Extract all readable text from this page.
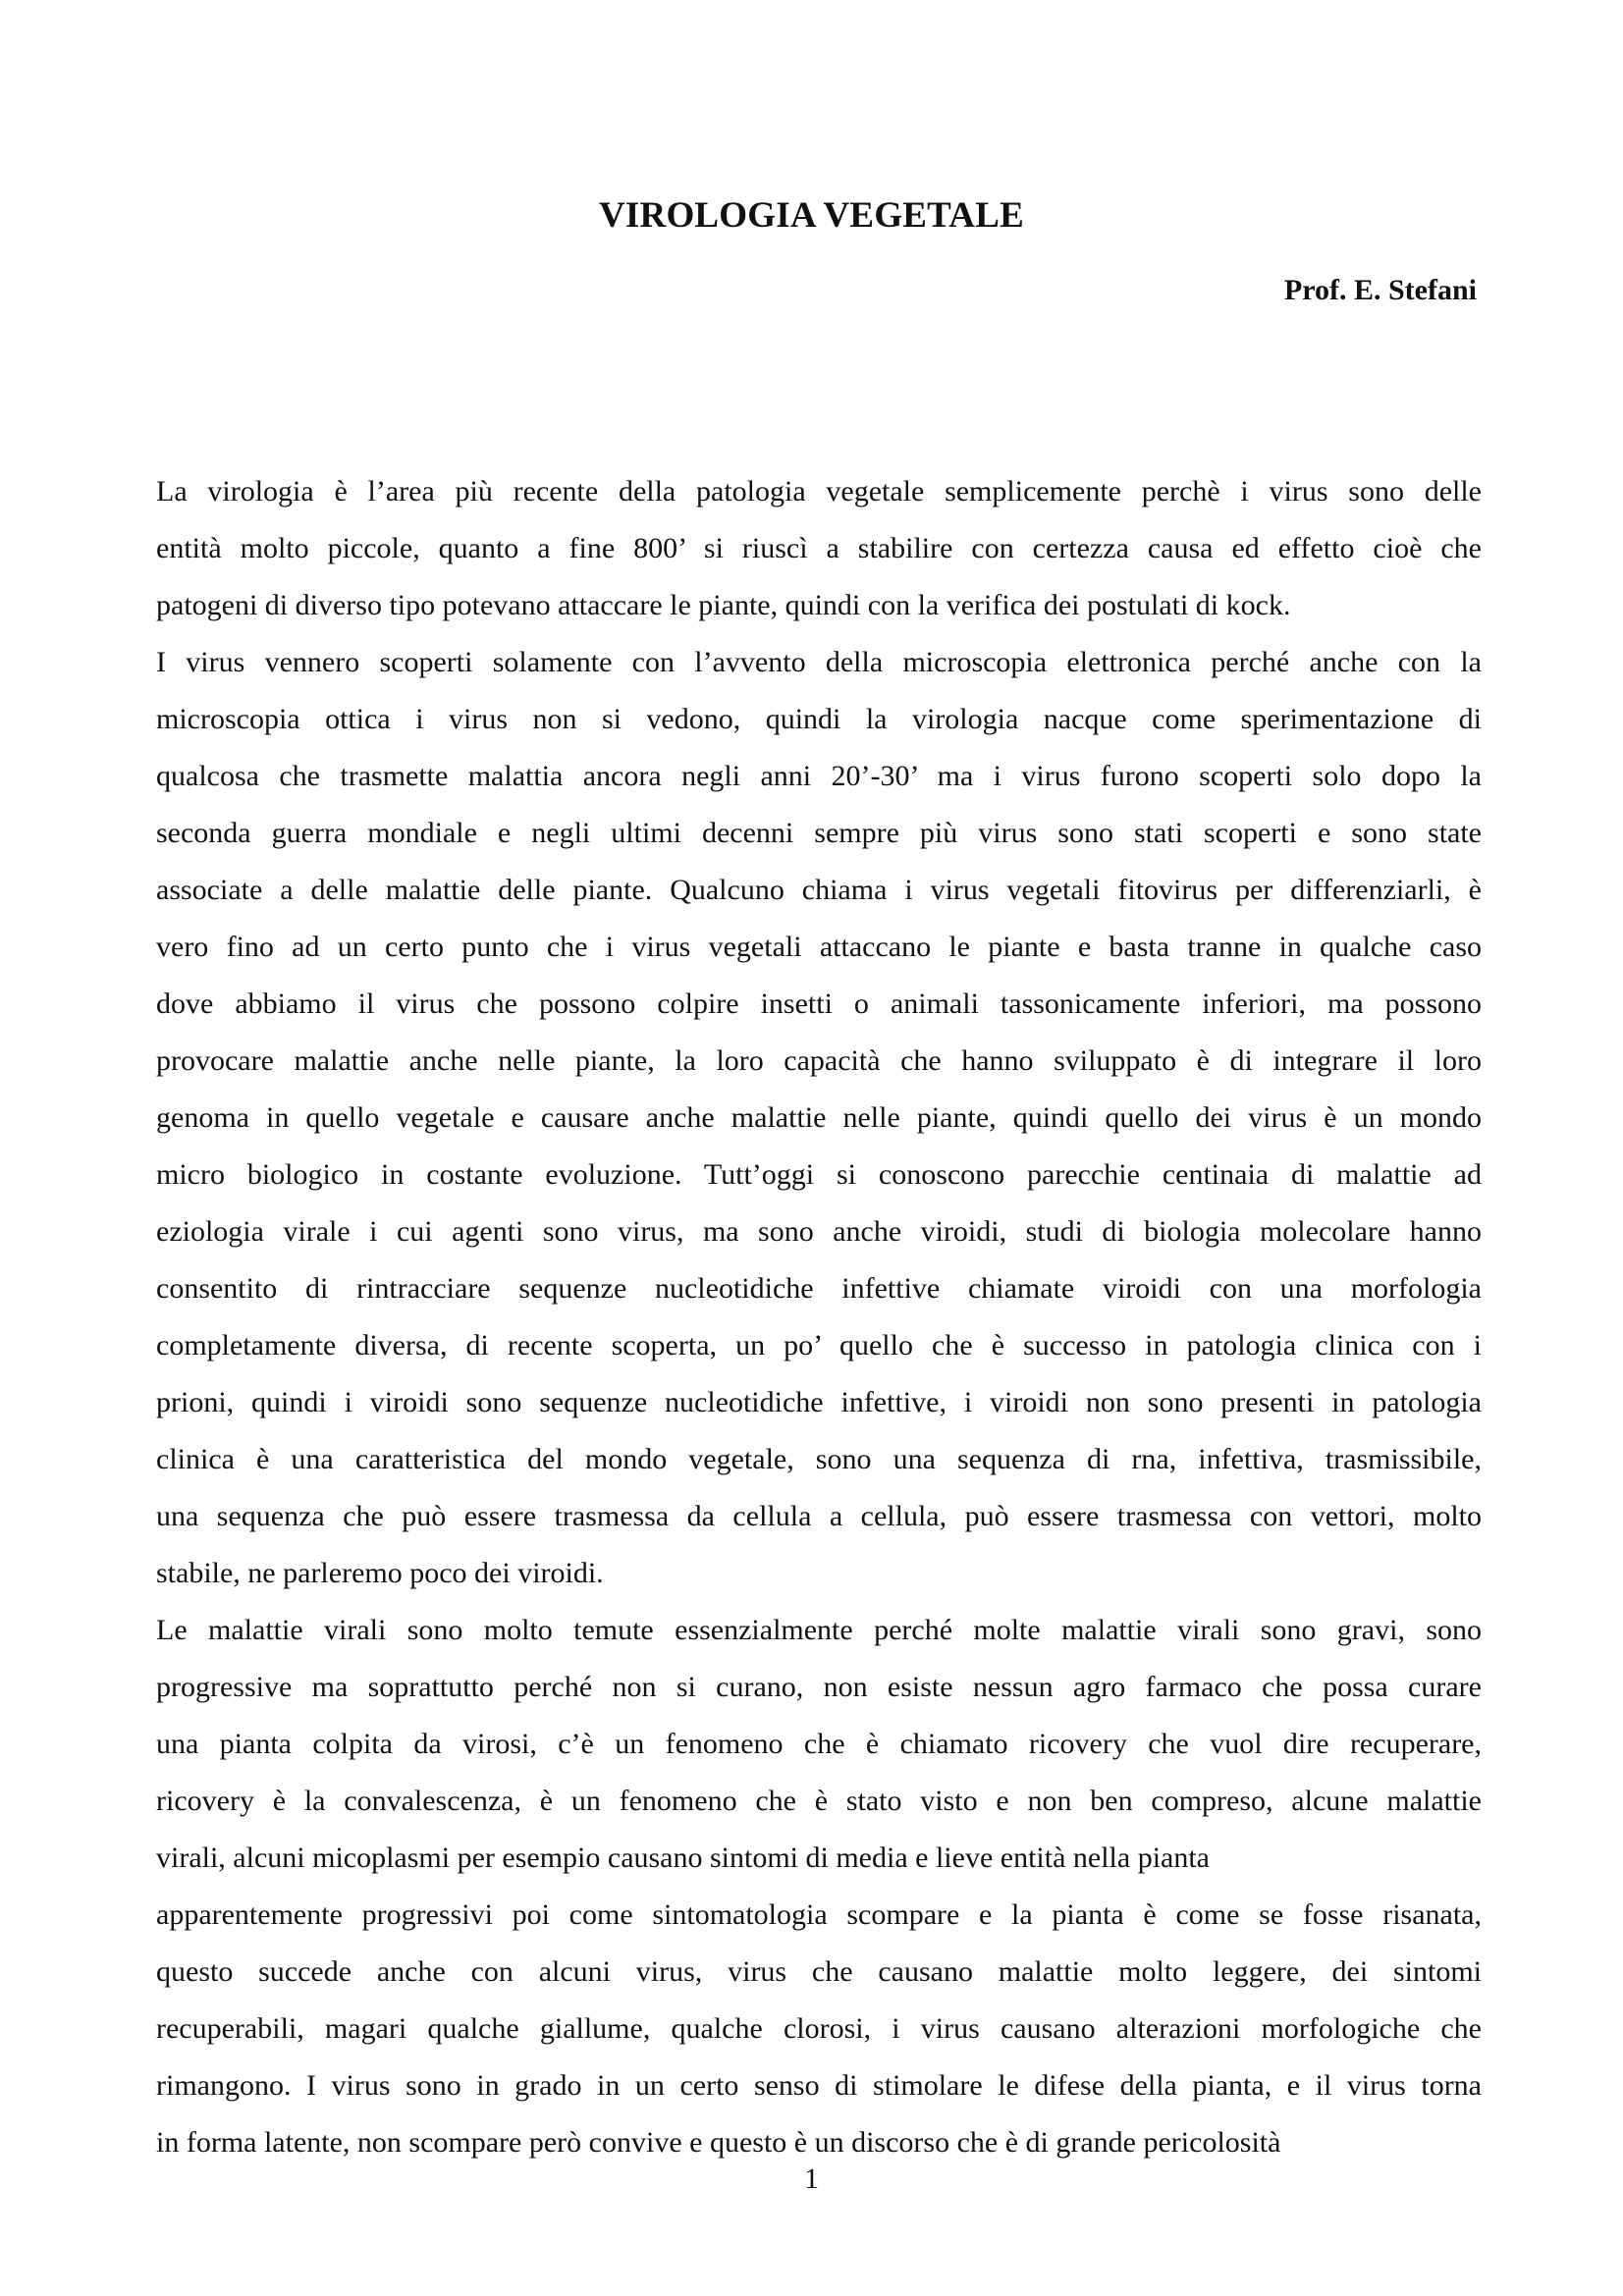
VIROLOGIA VEGETALE
Prof. E. Stefani
La virologia è l’area più recente della patologia vegetale semplicemente perchè i virus sono delle
entità molto piccole, quanto a fine 800’ si riuscì a stabilire con certezza causa ed effetto cioè che
patogeni di diverso tipo potevano attaccare le piante, quindi con la verifica dei postulati di kock.
I virus vennero scoperti solamente con l’avvento della microscopia elettronica perché anche con la
microscopia ottica i virus non si vedono, quindi la virologia nacque come sperimentazione di
qualcosa che trasmette malattia ancora negli anni 20’-30’ ma i virus furono scoperti solo dopo la
seconda guerra mondiale e negli ultimi decenni sempre più virus sono stati scoperti e sono state
associate a delle malattie delle piante. Qualcuno chiama i virus vegetali fitovirus per differenziarli, è
vero fino ad un certo punto che i virus vegetali attaccano le piante e basta tranne in qualche caso
dove abbiamo il virus che possono colpire insetti o animali tassonicamente inferiori, ma possono
provocare malattie anche nelle piante, la loro capacità che hanno sviluppato è di integrare il loro
genoma in quello vegetale e causare anche malattie nelle piante, quindi quello dei virus è un mondo
micro biologico in costante evoluzione. Tutt’oggi si conoscono parecchie centinaia di malattie ad
eziologia virale i cui agenti sono virus, ma sono anche viroidi, studi di biologia molecolare hanno
consentito di rintracciare sequenze nucleotidiche infettive chiamate viroidi con una morfologia
completamente diversa, di recente scoperta, un po’ quello che è successo in patologia clinica con i
prioni, quindi i viroidi sono sequenze nucleotidiche infettive, i viroidi non sono presenti in patologia
clinica è una caratteristica del mondo vegetale, sono una sequenza di rna, infettiva, trasmissibile,
una sequenza che può essere trasmessa da cellula a cellula, può essere trasmessa con vettori, molto
stabile, ne parleremo poco dei viroidi.
Le malattie virali sono molto temute essenzialmente perché molte malattie virali sono gravi, sono
progressive ma soprattutto perché non si curano, non esiste nessun agro farmaco che possa curare
una pianta colpita da virosi, c’è un fenomeno che è chiamato ricovery che vuol dire recuperare,
ricovery è la convalescenza, è un fenomeno che è stato visto e non ben compreso, alcune malattie
virali, alcuni micoplasmi per esempio causano sintomi di media e lieve entità nella pianta
apparentemente progressivi poi come sintomatologia scompare e la pianta è come se fosse risanata,
questo succede anche con alcuni virus, virus che causano malattie molto leggere, dei sintomi
recuperabili, magari qualche giallume, qualche clorosi, i virus causano alterazioni morfologiche che
rimangono. I virus sono in grado in un certo senso di stimolare le difese della pianta, e il virus torna
in forma latente, non scompare però convive e questo è un discorso che è di grande pericolosità
1
